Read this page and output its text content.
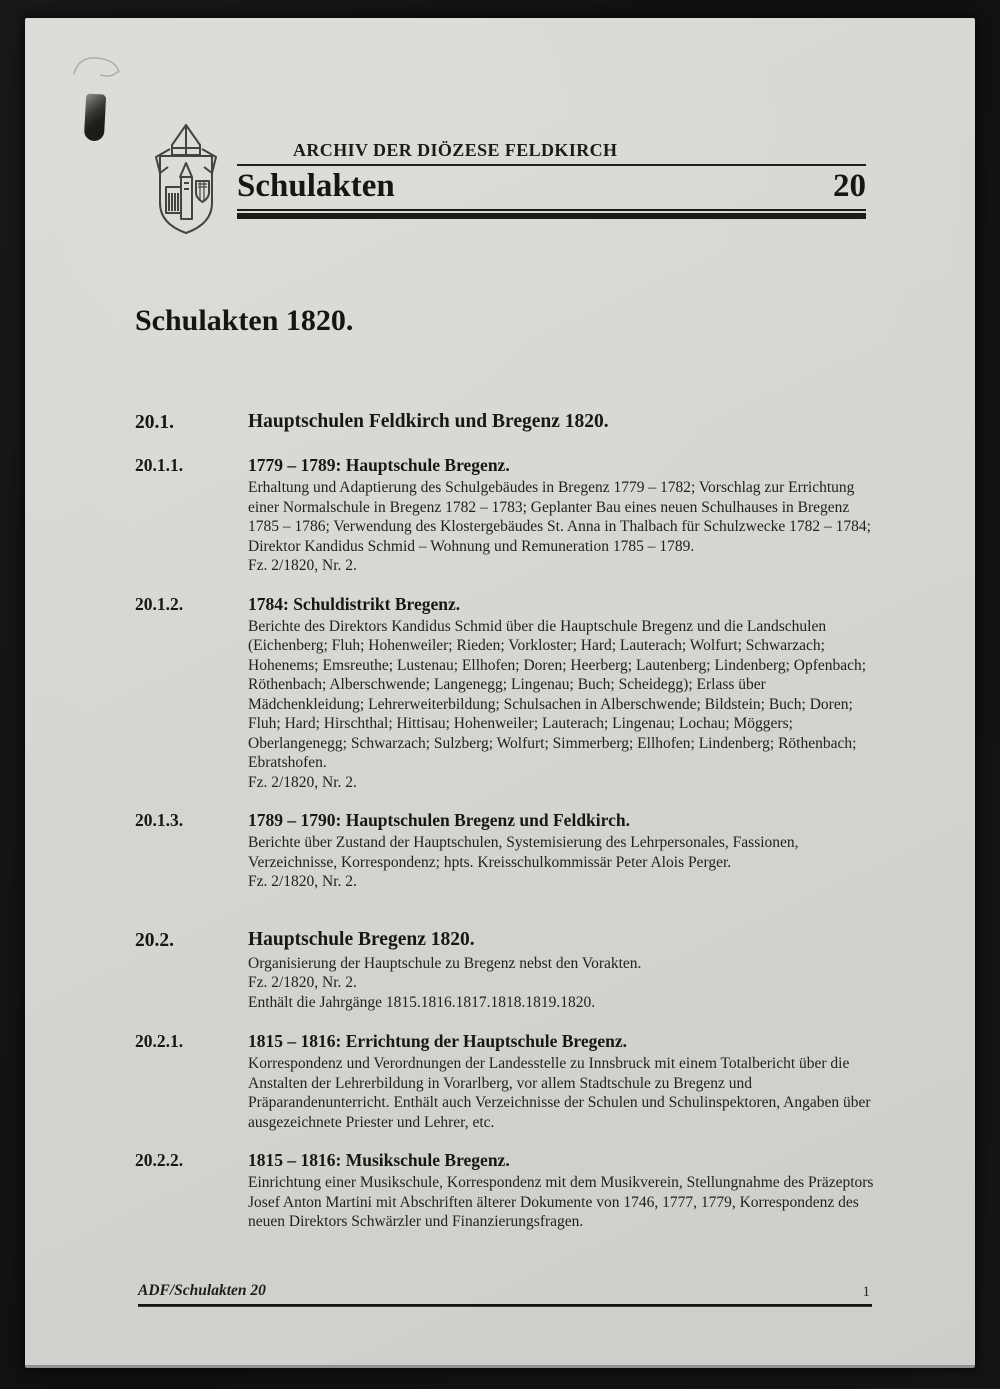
ARCHIV DER DIÖZESE FELDKIRCH
Schulakten	20
Schulakten 1820.
20.1.	Hauptschulen Feldkirch und Bregenz 1820.
20.1.1.	1779 – 1789: Hauptschule Bregenz.
Erhaltung und Adaptierung des Schulgebäudes in Bregenz 1779 – 1782; Vorschlag zur Errichtung einer Normalschule in Bregenz 1782 – 1783; Geplanter Bau eines neuen Schulhauses in Bregenz 1785 – 1786; Verwendung des Klostergebäudes St. Anna in Thalbach für Schulzwecke 1782 – 1784; Direktor Kandidus Schmid – Wohnung und Remuneration 1785 – 1789.
Fz. 2/1820, Nr. 2.
20.1.2.	1784: Schuldistrikt Bregenz.
Berichte des Direktors Kandidus Schmid über die Hauptschule Bregenz und die Landschulen (Eichenberg; Fluh; Hohenweiler; Rieden; Vorkloster; Hard; Lauterach; Wolfurt; Schwarzach; Hohenems; Emsreuthe; Lustenau; Ellhofen; Doren; Heerberg; Lautenberg; Lindenberg; Opfenbach; Röthenbach; Alberschwende; Langenegg; Lingenau; Buch; Scheidegg); Erlass über Mädchenkleidung; Lehrerweiterbildung; Schulsachen in Alberschwende; Bildstein; Buch; Doren; Fluh; Hard; Hirschthal; Hittisau; Hohenweiler; Lauterach; Lingenau; Lochau; Möggers; Oberlangenegg; Schwarzach; Sulzberg; Wolfurt; Simmerberg; Ellhofen; Lindenberg; Röthenbach; Ebratshofen.
Fz. 2/1820, Nr. 2.
20.1.3.	1789 – 1790: Hauptschulen Bregenz und Feldkirch.
Berichte über Zustand der Hauptschulen, Systemisierung des Lehrpersonales, Fassionen, Verzeichnisse, Korrespondenz; hpts. Kreisschulkommissär Peter Alois Perger.
Fz. 2/1820, Nr. 2.
20.2.	Hauptschule Bregenz 1820.
Organisierung der Hauptschule zu Bregenz nebst den Vorakten.
Fz. 2/1820, Nr. 2.
Enthält die Jahrgänge 1815.1816.1817.1818.1819.1820.
20.2.1.	1815 – 1816: Errichtung der Hauptschule Bregenz.
Korrespondenz und Verordnungen der Landesstelle zu Innsbruck mit einem Totalbericht über die Anstalten der Lehrerbildung in Vorarlberg, vor allem Stadtschule zu Bregenz und Präparandenunterricht. Enthält auch Verzeichnisse der Schulen und Schulinspektoren, Angaben über ausgezeichnete Priester und Lehrer, etc.
20.2.2.	1815 – 1816: Musikschule Bregenz.
Einrichtung einer Musikschule, Korrespondenz mit dem Musikverein, Stellungnahme des Präzeptors Josef Anton Martini mit Abschriften älterer Dokumente von 1746, 1777, 1779, Korrespondenz des neuen Direktors Schwärzler und Finanzierungsfragen.
ADF/Schulakten 20	1
